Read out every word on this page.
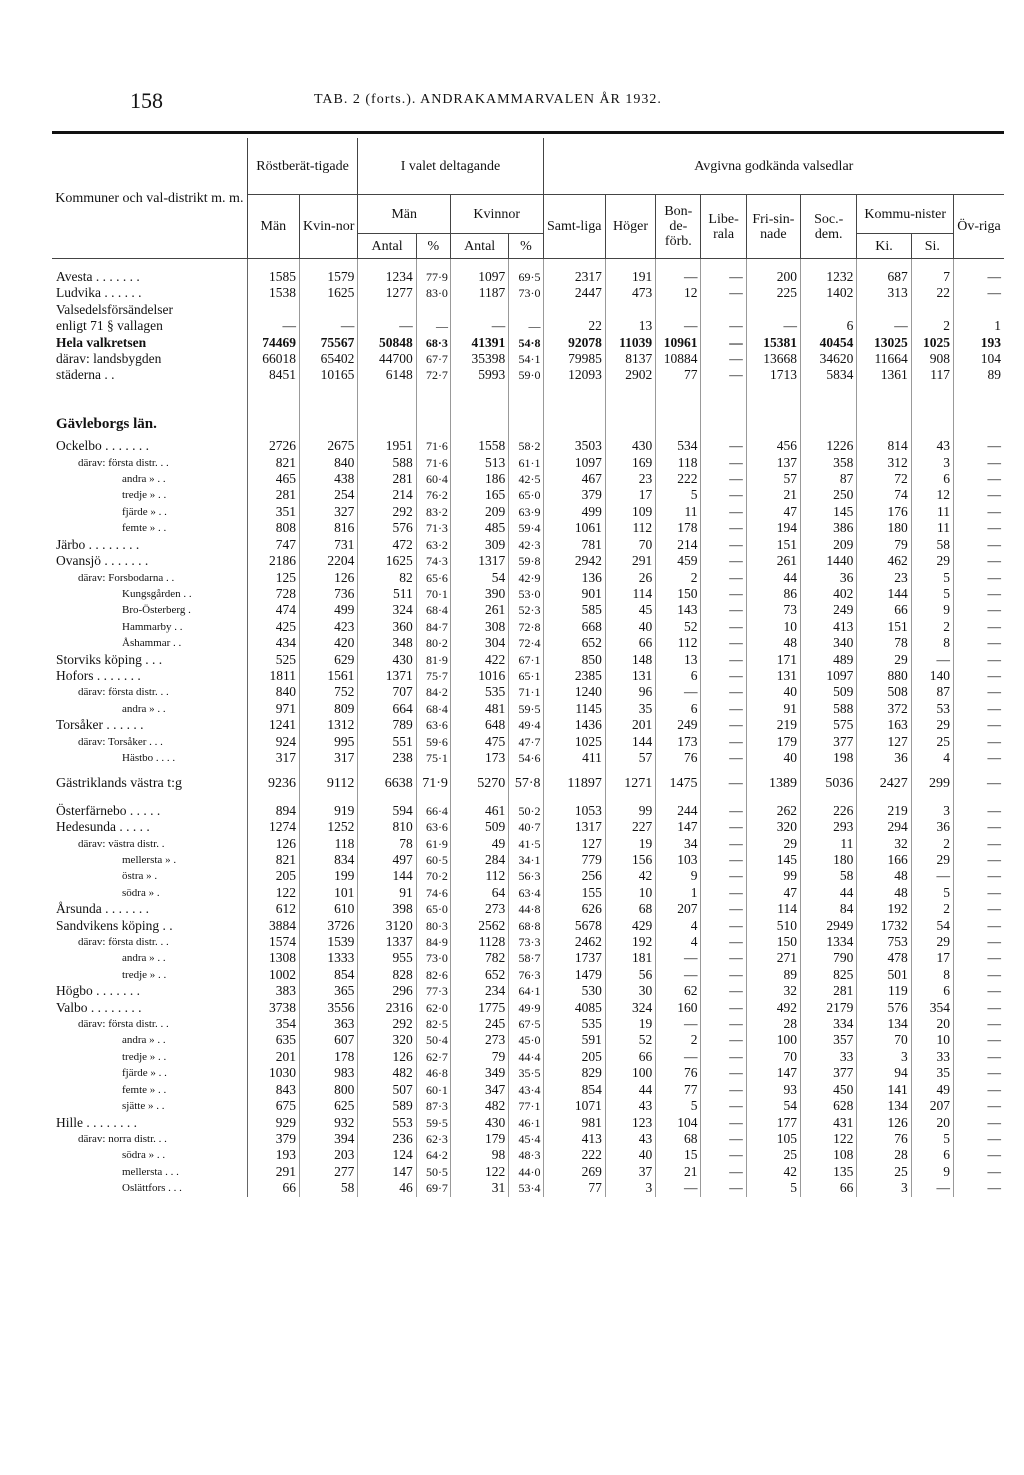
158	TAB. 2 (forts.). ANDRAKAMMARVALEN ÅR 1932.
Kommuner och val-distrikt m. m.	Röstberät-tigade		I valet deltagande				Avgivna godkända valsedlar								
	Män	Kvin-nor	Män		Kvinnor		Samt-liga	Höger	Bon-de-förb.	Libe-rala	Fri-sin-nade	Soc.-dem.	Kommu-nister		Öv-riga
			Antal	%	Antal	%							Ki.	Si.	

Avesta . . . . . . .	1585	1579	1234	77·9	1097	69·5	2317	191	—	—	200	1232	687	7	—
Ludvika . . . . . .	1538	1625	1277	83·0	1187	73·0	2447	473	12	—	225	1402	313	22	—
Valsedelsförsändelser															
enligt 71 § vallagen	—	—	—	—	—	—	22	13	—	—	—	6	—	2	1
Hela valkretsen	74469	75567	50848	68·3	41391	54·8	92078	11039	10961	—	15381	40454	13025	1025	193
därav: landsbygden	66018	65402	44700	67·7	35398	54·1	79985	8137	10884	—	13668	34620	11664	908	104
städerna . .	8451	10165	6148	72·7	5993	59·0	12093	2902	77	—	1713	5834	1361	117	89

Gävleborgs län.															
Ockelbo . . . . . . .	2726	2675	1951	71·6	1558	58·2	3503	430	534	—	456	1226	814	43	—
därav: första distr. . .	821	840	588	71·6	513	61·1	1097	169	118	—	137	358	312	3	—
andra » . .	465	438	281	60·4	186	42·5	467	23	222	—	57	87	72	6	—
tredje » . .	281	254	214	76·2	165	65·0	379	17	5	—	21	250	74	12	—
fjärde » . .	351	327	292	83·2	209	63·9	499	109	11	—	47	145	176	11	—
femte » . .	808	816	576	71·3	485	59·4	1061	112	178	—	194	386	180	11	—
Järbo . . . . . . . .	747	731	472	63·2	309	42·3	781	70	214	—	151	209	79	58	—
Ovansjö . . . . . . .	2186	2204	1625	74·3	1317	59·8	2942	291	459	—	261	1440	462	29	—
därav: Forsbodarna . .	125	126	82	65·6	54	42·9	136	26	2	—	44	36	23	5	—
Kungsgården . .	728	736	511	70·1	390	53·0	901	114	150	—	86	402	144	5	—
Bro-Österberg .	474	499	324	68·4	261	52·3	585	45	143	—	73	249	66	9	—
Hammarby . .	425	423	360	84·7	308	72·8	668	40	52	—	10	413	151	2	—
Åshammar . .	434	420	348	80·2	304	72·4	652	66	112	—	48	340	78	8	—
Storviks köping . . .	525	629	430	81·9	422	67·1	850	148	13	—	171	489	29	—	—
Hofors . . . . . . .	1811	1561	1371	75·7	1016	65·1	2385	131	6	—	131	1097	880	140	—
därav: första distr. . .	840	752	707	84·2	535	71·1	1240	96	—	—	40	509	508	87	—
andra » . .	971	809	664	68·4	481	59·5	1145	35	6	—	91	588	372	53	—
Torsåker . . . . . .	1241	1312	789	63·6	648	49·4	1436	201	249	—	219	575	163	29	—
därav: Torsåker . . .	924	995	551	59·6	475	47·7	1025	144	173	—	179	377	127	25	—
Hästbo . . . .	317	317	238	75·1	173	54·6	411	57	76	—	40	198	36	4	—

Gästriklands västra t:g	9236	9112	6638	71·9	5270	57·8	11897	1271	1475	—	1389	5036	2427	299	—

Österfärnebo . . . . .	894	919	594	66·4	461	50·2	1053	99	244	—	262	226	219	3	—
Hedesunda . . . . .	1274	1252	810	63·6	509	40·7	1317	227	147	—	320	293	294	36	—
därav: västra distr. .	126	118	78	61·9	49	41·5	127	19	34	—	29	11	32	2	—
mellersta » .	821	834	497	60·5	284	34·1	779	156	103	—	145	180	166	29	—
östra » .	205	199	144	70·2	112	56·3	256	42	9	—	99	58	48	—	—
södra » .	122	101	91	74·6	64	63·4	155	10	1	—	47	44	48	5	—
Årsunda . . . . . . .	612	610	398	65·0	273	44·8	626	68	207	—	114	84	192	2	—
Sandvikens köping . .	3884	3726	3120	80·3	2562	68·8	5678	429	4	—	510	2949	1732	54	—
därav: första distr. . .	1574	1539	1337	84·9	1128	73·3	2462	192	4	—	150	1334	753	29	—
andra » . .	1308	1333	955	73·0	782	58·7	1737	181	—	—	271	790	478	17	—
tredje » . .	1002	854	828	82·6	652	76·3	1479	56	—	—	89	825	501	8	—
Högbo . . . . . . .	383	365	296	77·3	234	64·1	530	30	62	—	32	281	119	6	—
Valbo . . . . . . . .	3738	3556	2316	62·0	1775	49·9	4085	324	160	—	492	2179	576	354	—
därav: första distr. . .	354	363	292	82·5	245	67·5	535	19	—	—	28	334	134	20	—
andra » . .	635	607	320	50·4	273	45·0	591	52	2	—	100	357	70	10	—
tredje » . .	201	178	126	62·7	79	44·4	205	66	—	—	70	33	3	33	—
fjärde » . .	1030	983	482	46·8	349	35·5	829	100	76	—	147	377	94	35	—
femte » . .	843	800	507	60·1	347	43·4	854	44	77	—	93	450	141	49	—
sjätte » . .	675	625	589	87·3	482	77·1	1071	43	5	—	54	628	134	207	—
Hille . . . . . . . .	929	932	553	59·5	430	46·1	981	123	104	—	177	431	126	20	—
därav: norra distr. . .	379	394	236	62·3	179	45·4	413	43	68	—	105	122	76	5	—
södra » . .	193	203	124	64·2	98	48·3	222	40	15	—	25	108	28	6	—
mellersta . . .	291	277	147	50·5	122	44·0	269	37	21	—	42	135	25	9	—
Oslättfors . . .	66	58	46	69·7	31	53·4	77	3	—	—	5	66	3	—	—
